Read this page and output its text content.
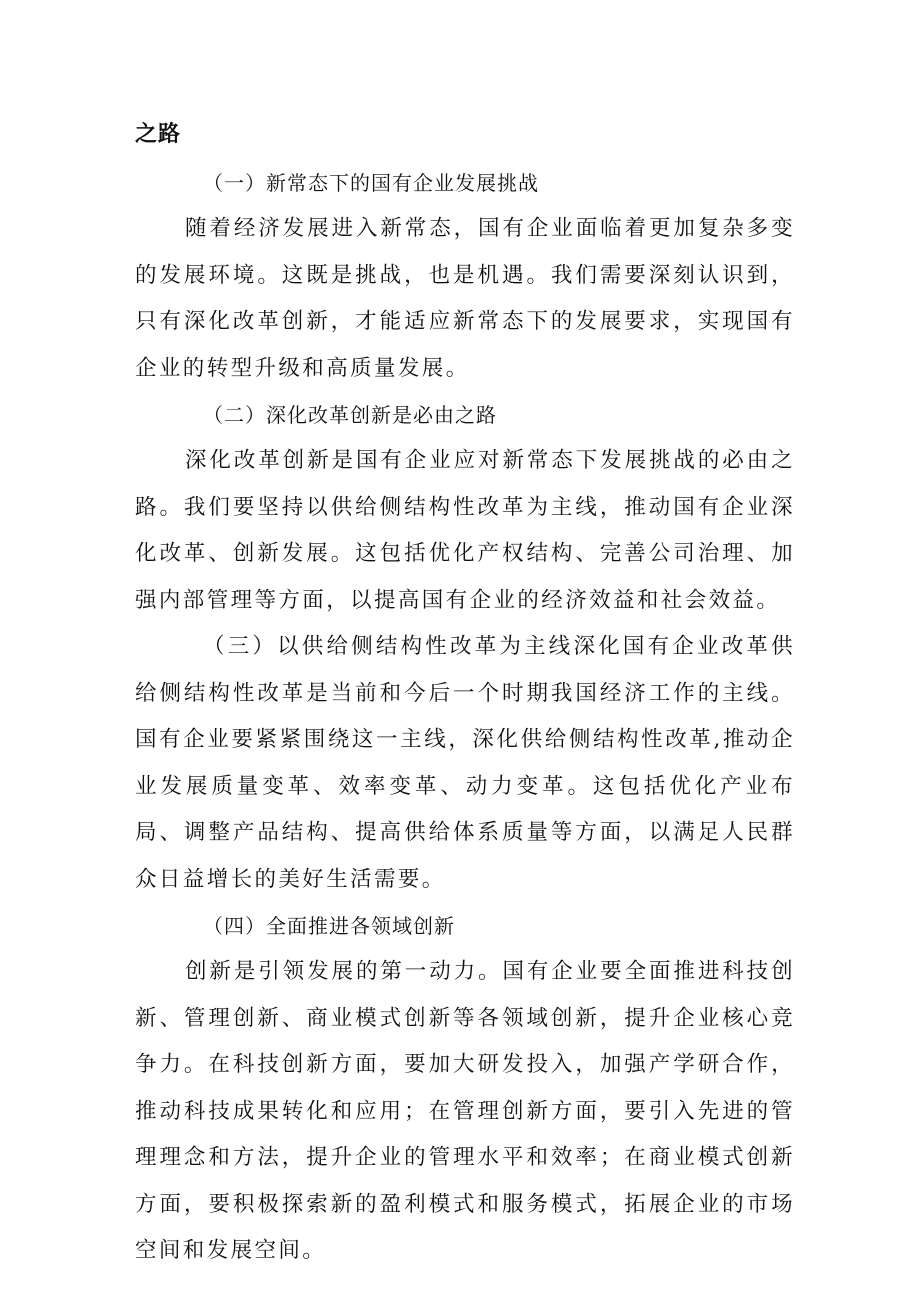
之路

（一）新常态下的国有企业发展挑战

随着经济发展进入新常态，国有企业面临着更加复杂多变的发展环境。这既是挑战，也是机遇。我们需要深刻认识到，只有深化改革创新，才能适应新常态下的发展要求，实现国有企业的转型升级和高质量发展。

（二）深化改革创新是必由之路

深化改革创新是国有企业应对新常态下发展挑战的必由之路。我们要坚持以供给侧结构性改革为主线，推动国有企业深化改革、创新发展。这包括优化产权结构、完善公司治理、加强内部管理等方面，以提高国有企业的经济效益和社会效益。

（三）以供给侧结构性改革为主线深化国有企业改革供给侧结构性改革是当前和今后一个时期我国经济工作的主线。国有企业要紧紧围绕这一主线，深化供给侧结构性改革,推动企业发展质量变革、效率变革、动力变革。这包括优化产业布局、调整产品结构、提高供给体系质量等方面，以满足人民群众日益增长的美好生活需要。

（四）全面推进各领域创新

创新是引领发展的第一动力。国有企业要全面推进科技创新、管理创新、商业模式创新等各领域创新，提升企业核心竞争力。在科技创新方面，要加大研发投入，加强产学研合作，推动科技成果转化和应用；在管理创新方面，要引入先进的管理理念和方法，提升企业的管理水平和效率；在商业模式创新方面，要积极探索新的盈利模式和服务模式，拓展企业的市场空间和发展空间。
